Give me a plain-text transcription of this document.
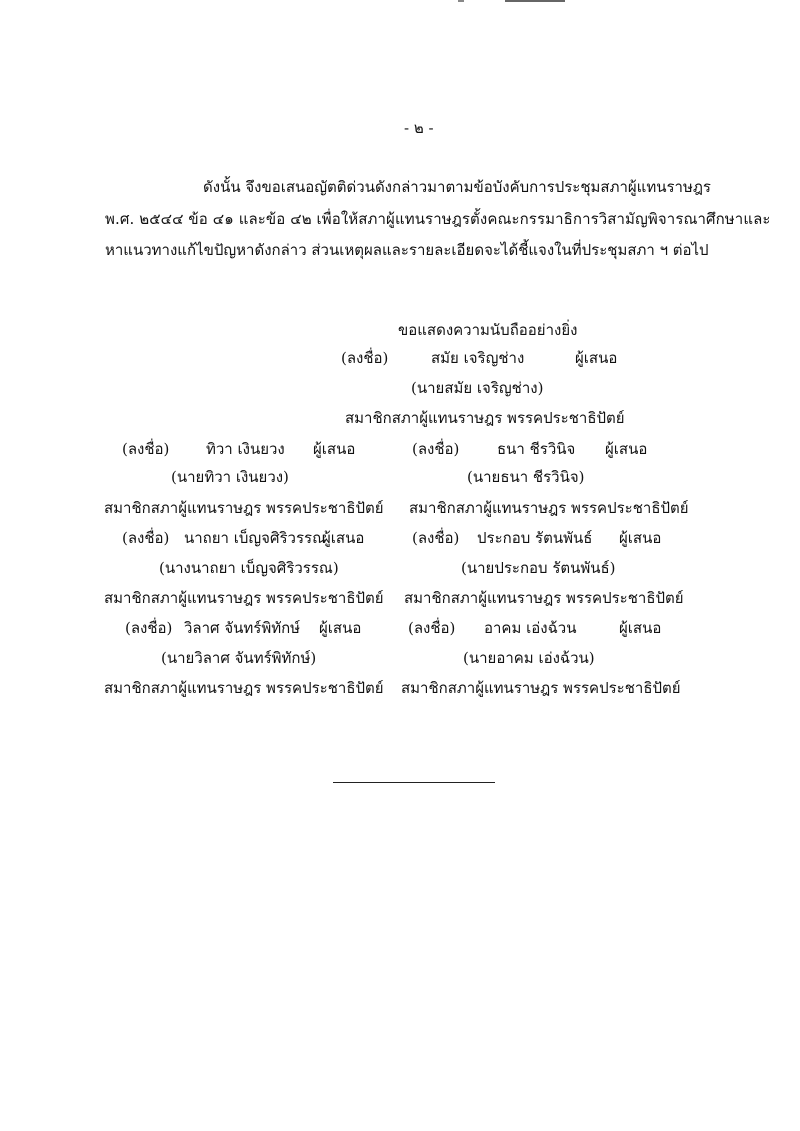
- ๒ -
ดังนั้น จึงขอเสนอญัตติด่วนดังกล่าวมาตามข้อบังคับการประชุมสภาผู้แทนราษฎร
พ.ศ. ๒๕๔๔ ข้อ ๔๑ และข้อ ๔๒ เพื่อให้สภาผู้แทนราษฎรตั้งคณะกรรมาธิการวิสามัญพิจารณาศึกษาและ
หาแนวทางแก้ไขปัญหาดังกล่าว ส่วนเหตุผลและรายละเอียดจะได้ชี้แจงในที่ประชุมสภา ฯ ต่อไป
ขอแสดงความนับถืออย่างยิ่ง
(ลงชื่อ)	สมัย เจริญช่าง	ผู้เสนอ
(นายสมัย เจริญช่าง)
สมาชิกสภาผู้แทนราษฎร พรรคประชาธิปัตย์
(ลงชื่อ) ทิวา เงินยวง ผู้เสนอ
(นายทิวา เงินยวง)
สมาชิกสภาผู้แทนราษฎร พรรคประชาธิปัตย์
(ลงชื่อ)	ธนา ชีรวินิจ ผู้เสนอ
(นายธนา ชีรวินิจ)
สมาชิกสภาผู้แทนราษฎร พรรคประชาธิปัตย์
(ลงชื่อ) นาถยา เบ็ญจศิริวรรณ
ผู้เสนอ
(นางนาถยา เบ็ญจศิริวรรณ)
สมาชิกสภาผู้แทนราษฎร พรรคประชาธิปัตย์
(ลงชื่อ) ประกอบ รัตนพันธ์ ผู้เสนอ
(นายประกอบ รัตนพันธ์)
สมาชิกสภาผู้แทนราษฎร พรรคประชาธิปัตย์
(ลงชื่อ) วิลาศ จันทร์พิทักษ์ ผู้เสนอ
(นายวิลาศ จันทร์พิทักษ์)
สมาชิกสภาผู้แทนราษฎร พรรคประชาธิปัตย์
(ลงชื่อ) อาคม เอ่งฉ้วน	ผู้เสนอ
(นายอาคม เอ่งฉ้วน)
สมาชิกสภาผู้แทนราษฎร พรรคประชาธิปัตย์
